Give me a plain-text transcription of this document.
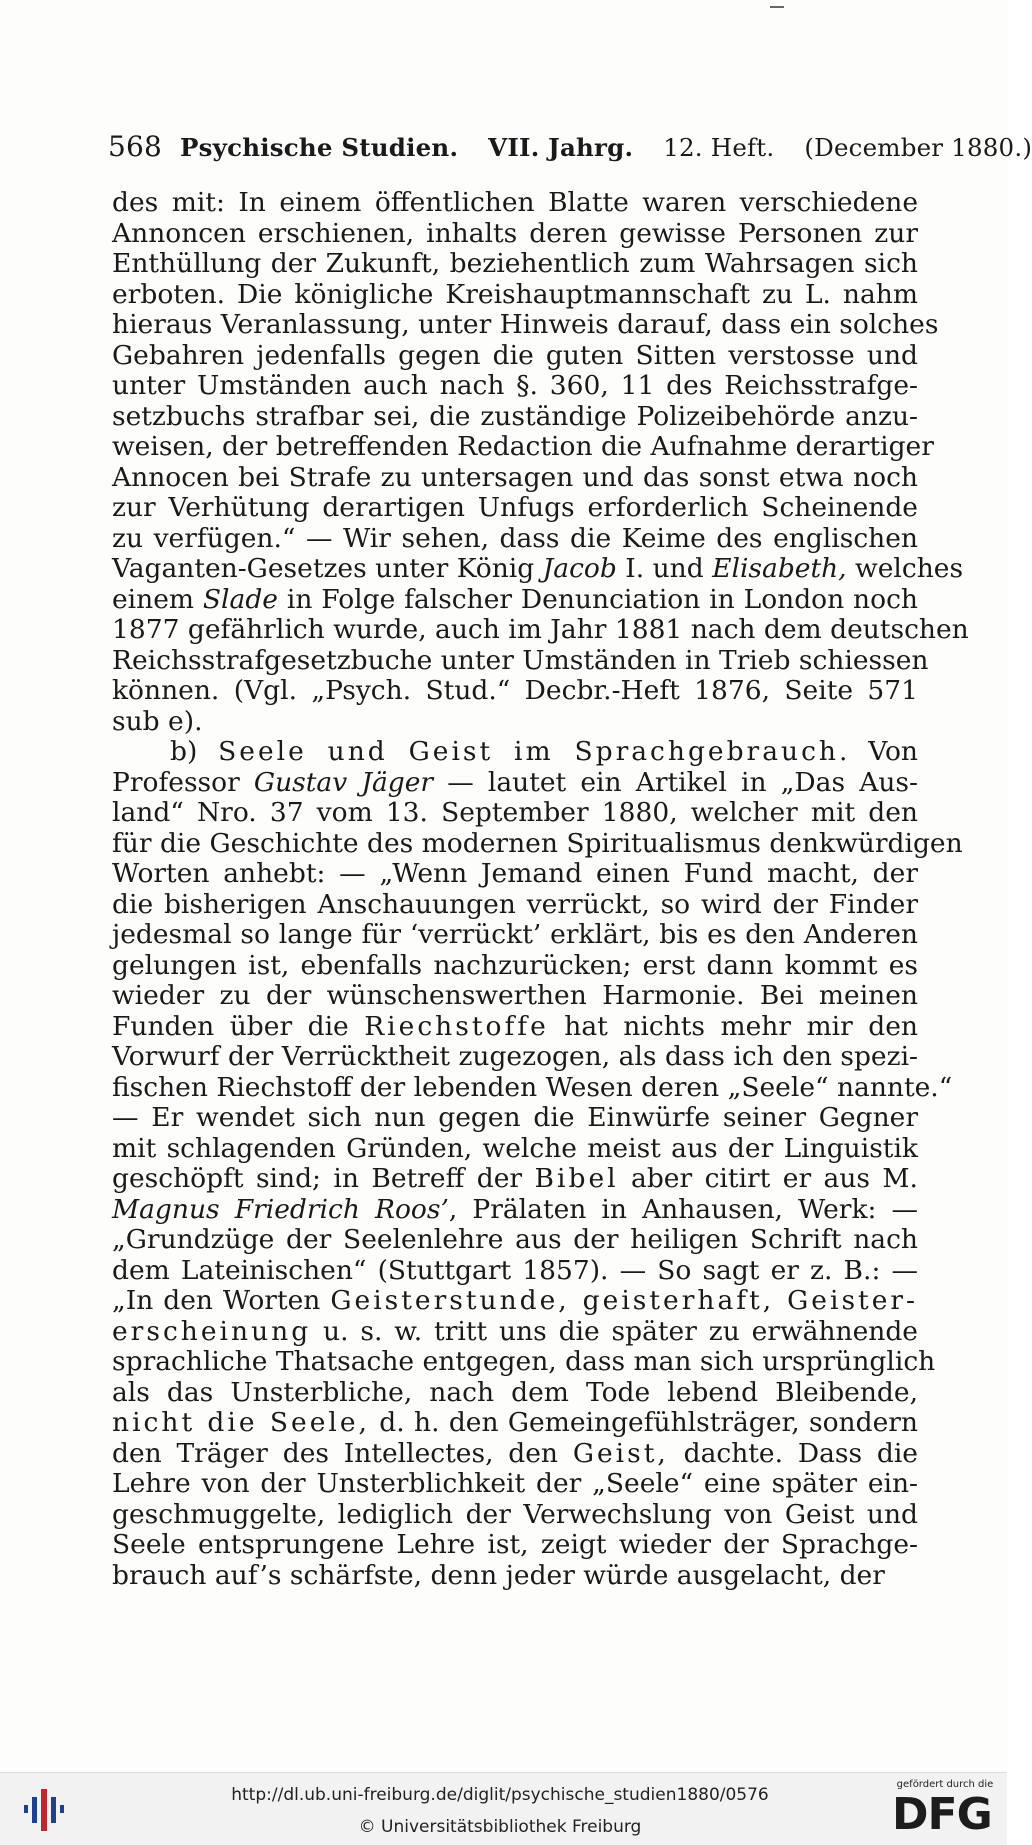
568 Psychische Studien. VII. Jahrg. 12. Heft. (December 1880.)
des mit: In einem öffentlichen Blatte waren verschiedene
Annoncen erschienen, inhalts deren gewisse Personen zur
Enthüllung der Zukunft, beziehentlich zum Wahrsagen sich
erboten. Die königliche Kreishauptmannschaft zu L. nahm
hieraus Veranlassung, unter Hinweis darauf, dass ein solches
Gebahren jedenfalls gegen die guten Sitten verstosse und
unter Umständen auch nach §. 360, 11 des Reichsstrafge-
setzbuchs strafbar sei, die zuständige Polizeibehörde anzu-
weisen, der betreffenden Redaction die Aufnahme derartiger
Annocen bei Strafe zu untersagen und das sonst etwa noch
zur Verhütung derartigen Unfugs erforderlich Scheinende
zu verfügen.“ — Wir sehen, dass die Keime des englischen
Vaganten-Gesetzes unter König Jacob I. und Elisabeth, welches
einem Slade in Folge falscher Denunciation in London noch
1877 gefährlich wurde, auch im Jahr 1881 nach dem deutschen
Reichsstrafgesetzbuche unter Umständen in Trieb schiessen
können. (Vgl. „Psych. Stud.“ Decbr.-Heft 1876, Seite 571
sub e).
b) Seele und Geist im Sprachgebrauch. Von
Professor Gustav Jäger — lautet ein Artikel in „Das Aus-
land“ Nro. 37 vom 13. September 1880, welcher mit den
für die Geschichte des modernen Spiritualismus denkwürdigen
Worten anhebt: — „Wenn Jemand einen Fund macht, der
die bisherigen Anschauungen verrückt, so wird der Finder
jedesmal so lange für ‘verrückt’ erklärt, bis es den Anderen
gelungen ist, ebenfalls nachzurücken; erst dann kommt es
wieder zu der wünschenswerthen Harmonie. Bei meinen
Funden über die Riechstoffe hat nichts mehr mir den
Vorwurf der Verrücktheit zugezogen, als dass ich den spezi-
fischen Riechstoff der lebenden Wesen deren „Seele“ nannte.“
— Er wendet sich nun gegen die Einwürfe seiner Gegner
mit schlagenden Gründen, welche meist aus der Linguistik
geschöpft sind; in Betreff der Bibel aber citirt er aus M.
Magnus Friedrich Roos’, Prälaten in Anhausen, Werk: —
„Grundzüge der Seelenlehre aus der heiligen Schrift nach
dem Lateinischen“ (Stuttgart 1857). — So sagt er z. B.: —
„In den Worten Geisterstunde, geisterhaft, Geister-
erscheinung u. s. w. tritt uns die später zu erwähnende
sprachliche Thatsache entgegen, dass man sich ursprünglich
als das Unsterbliche, nach dem Tode lebend Bleibende,
nicht die Seele, d. h. den Gemeingefühlsträger, sondern
den Träger des Intellectes, den Geist, dachte. Dass die
Lehre von der Unsterblichkeit der „Seele“ eine später ein-
geschmuggelte, lediglich der Verwechslung von Geist und
Seele entsprungene Lehre ist, zeigt wieder der Sprachge-
brauch auf’s schärfste, denn jeder würde ausgelacht, der
http://dl.ub.uni-freiburg.de/diglit/psychische_studien1880/0576
© Universitätsbibliothek Freiburg
gefördert durch die
DFG
